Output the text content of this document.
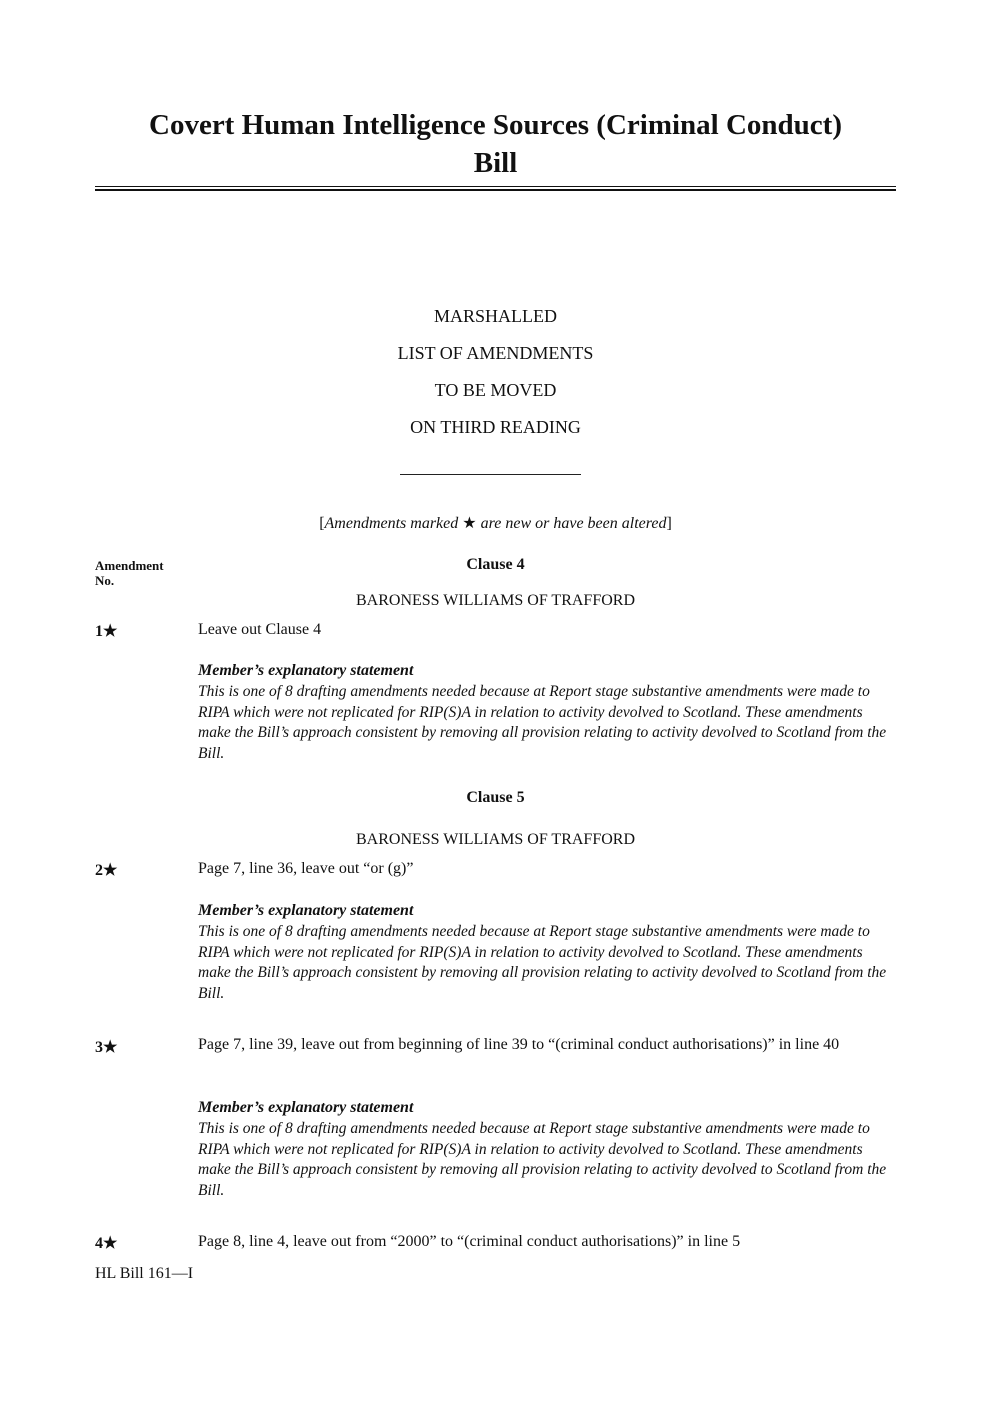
Covert Human Intelligence Sources (Criminal Conduct)
Bill
MARSHALLED
LIST OF AMENDMENTS
TO BE MOVED
ON THIRD READING
[Amendments marked ★ are new or have been altered]
Amendment
No.
Clause 4
BARONESS WILLIAMS OF TRAFFORD
1★	Leave out Clause 4
Member’s explanatory statement
This is one of 8 drafting amendments needed because at Report stage substantive amendments were made to RIPA which were not replicated for RIP(S)A in relation to activity devolved to Scotland. These amendments make the Bill’s approach consistent by removing all provision relating to activity devolved to Scotland from the Bill.
Clause 5
BARONESS WILLIAMS OF TRAFFORD
2★	Page 7, line 36, leave out “or (g)”
Member’s explanatory statement
This is one of 8 drafting amendments needed because at Report stage substantive amendments were made to RIPA which were not replicated for RIP(S)A in relation to activity devolved to Scotland. These amendments make the Bill’s approach consistent by removing all provision relating to activity devolved to Scotland from the Bill.
3★	Page 7, line 39, leave out from beginning of line 39 to “(criminal conduct authorisations)” in line 40
Member’s explanatory statement
This is one of 8 drafting amendments needed because at Report stage substantive amendments were made to RIPA which were not replicated for RIP(S)A in relation to activity devolved to Scotland. These amendments make the Bill’s approach consistent by removing all provision relating to activity devolved to Scotland from the Bill.
4★	Page 8, line 4, leave out from “2000” to “(criminal conduct authorisations)” in line 5
HL Bill 161—I
